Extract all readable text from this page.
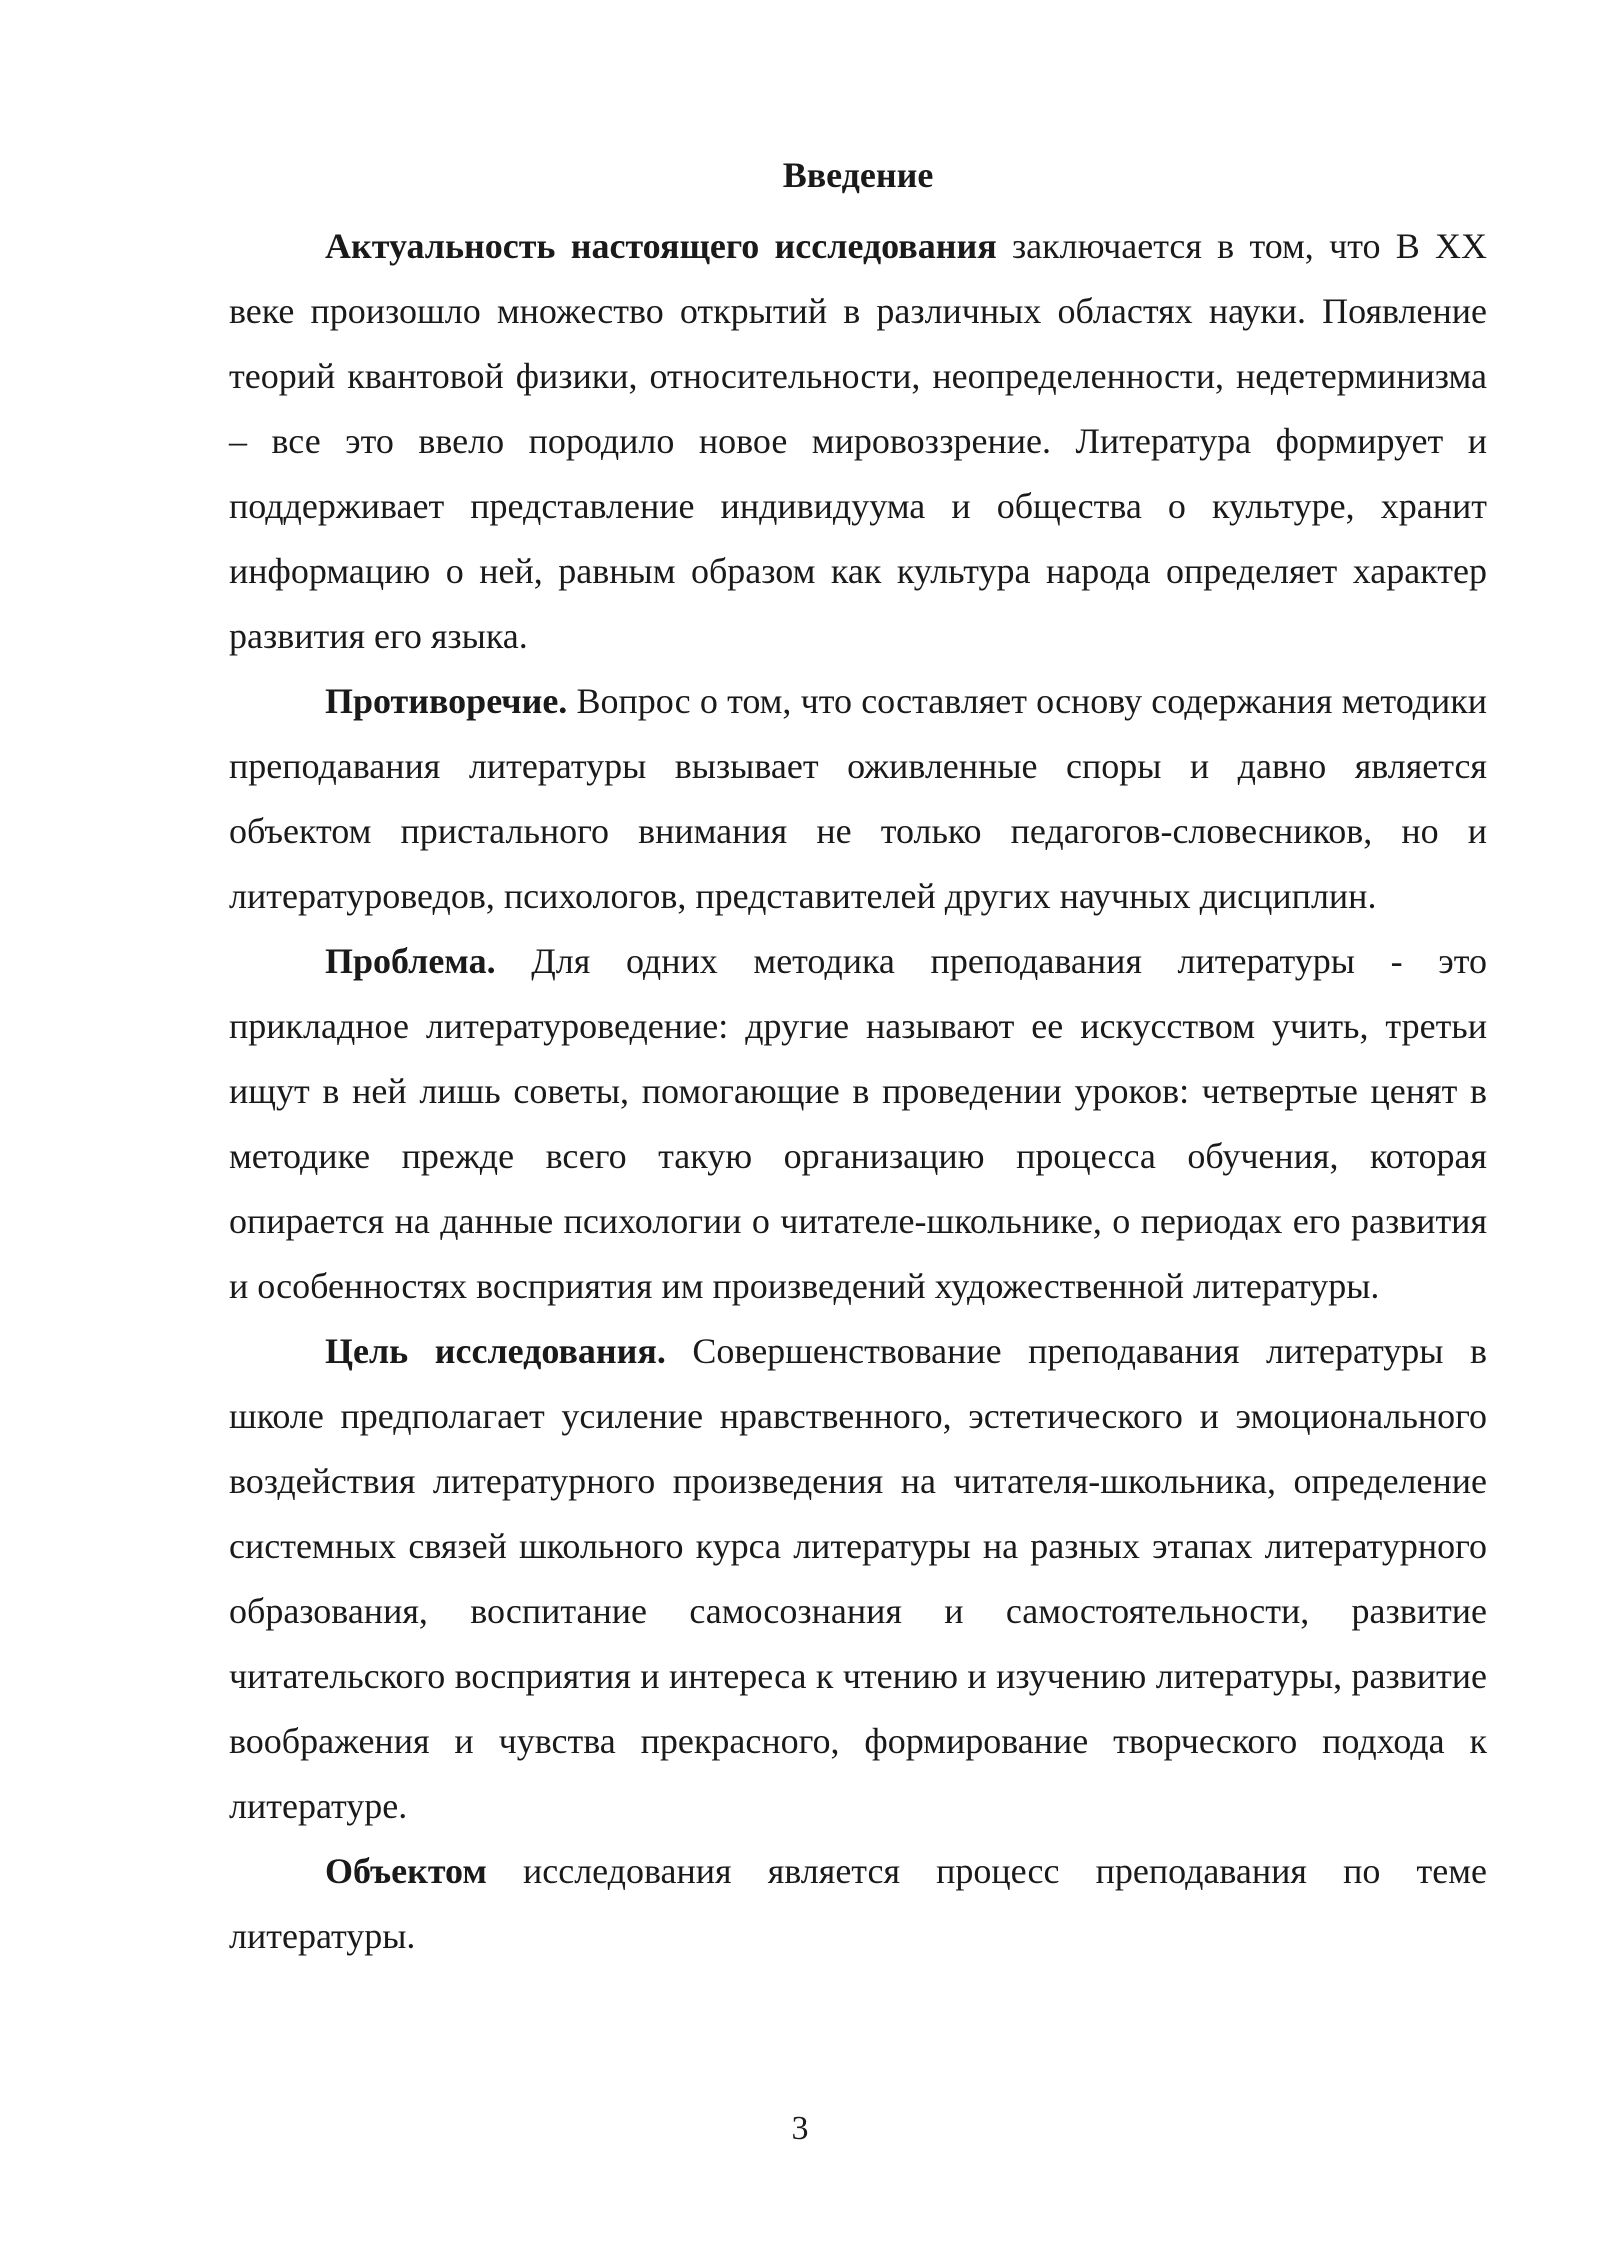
Введение

Актуальность настоящего исследования заключается в том, что В XX веке произошло множество открытий в различных областях науки. Появление теорий квантовой физики, относительности, неопределенности, недетерминизма – все это ввело породило новое мировоззрение. Литература формирует и поддерживает представление индивидуума и общества о культуре, хранит информацию о ней, равным образом как культура народа определяет характер развития его языка.

Противоречие. Вопрос о том, что составляет основу содержания методики преподавания литературы вызывает оживленные споры и давно является объектом пристального внимания не только педагогов-словесников, но и литературоведов, психологов, представителей других научных дисциплин.

Проблема. Для одних методика преподавания литературы - это прикладное литературоведение: другие называют ее искусством учить, третьи ищут в ней лишь советы, помогающие в проведении уроков: четвертые ценят в методике прежде всего такую организацию процесса обучения, которая опирается на данные психологии о читателе-школьнике, о периодах его развития и особенностях восприятия им произведений художественной литературы.

Цель исследования. Совершенствование преподавания литературы в школе предполагает усиление нравственного, эстетического и эмоционального воздействия литературного произведения на читателя-школьника, определение системных связей школьного курса литературы на разных этапах литературного образования, воспитание самосознания и самостоятельности, развитие читательского восприятия и интереса к чтению и изучению литературы, развитие воображения и чувства прекрасного, формирование творческого подхода к литературе.

Объектом исследования является процесс преподавания по теме литературы.

3
